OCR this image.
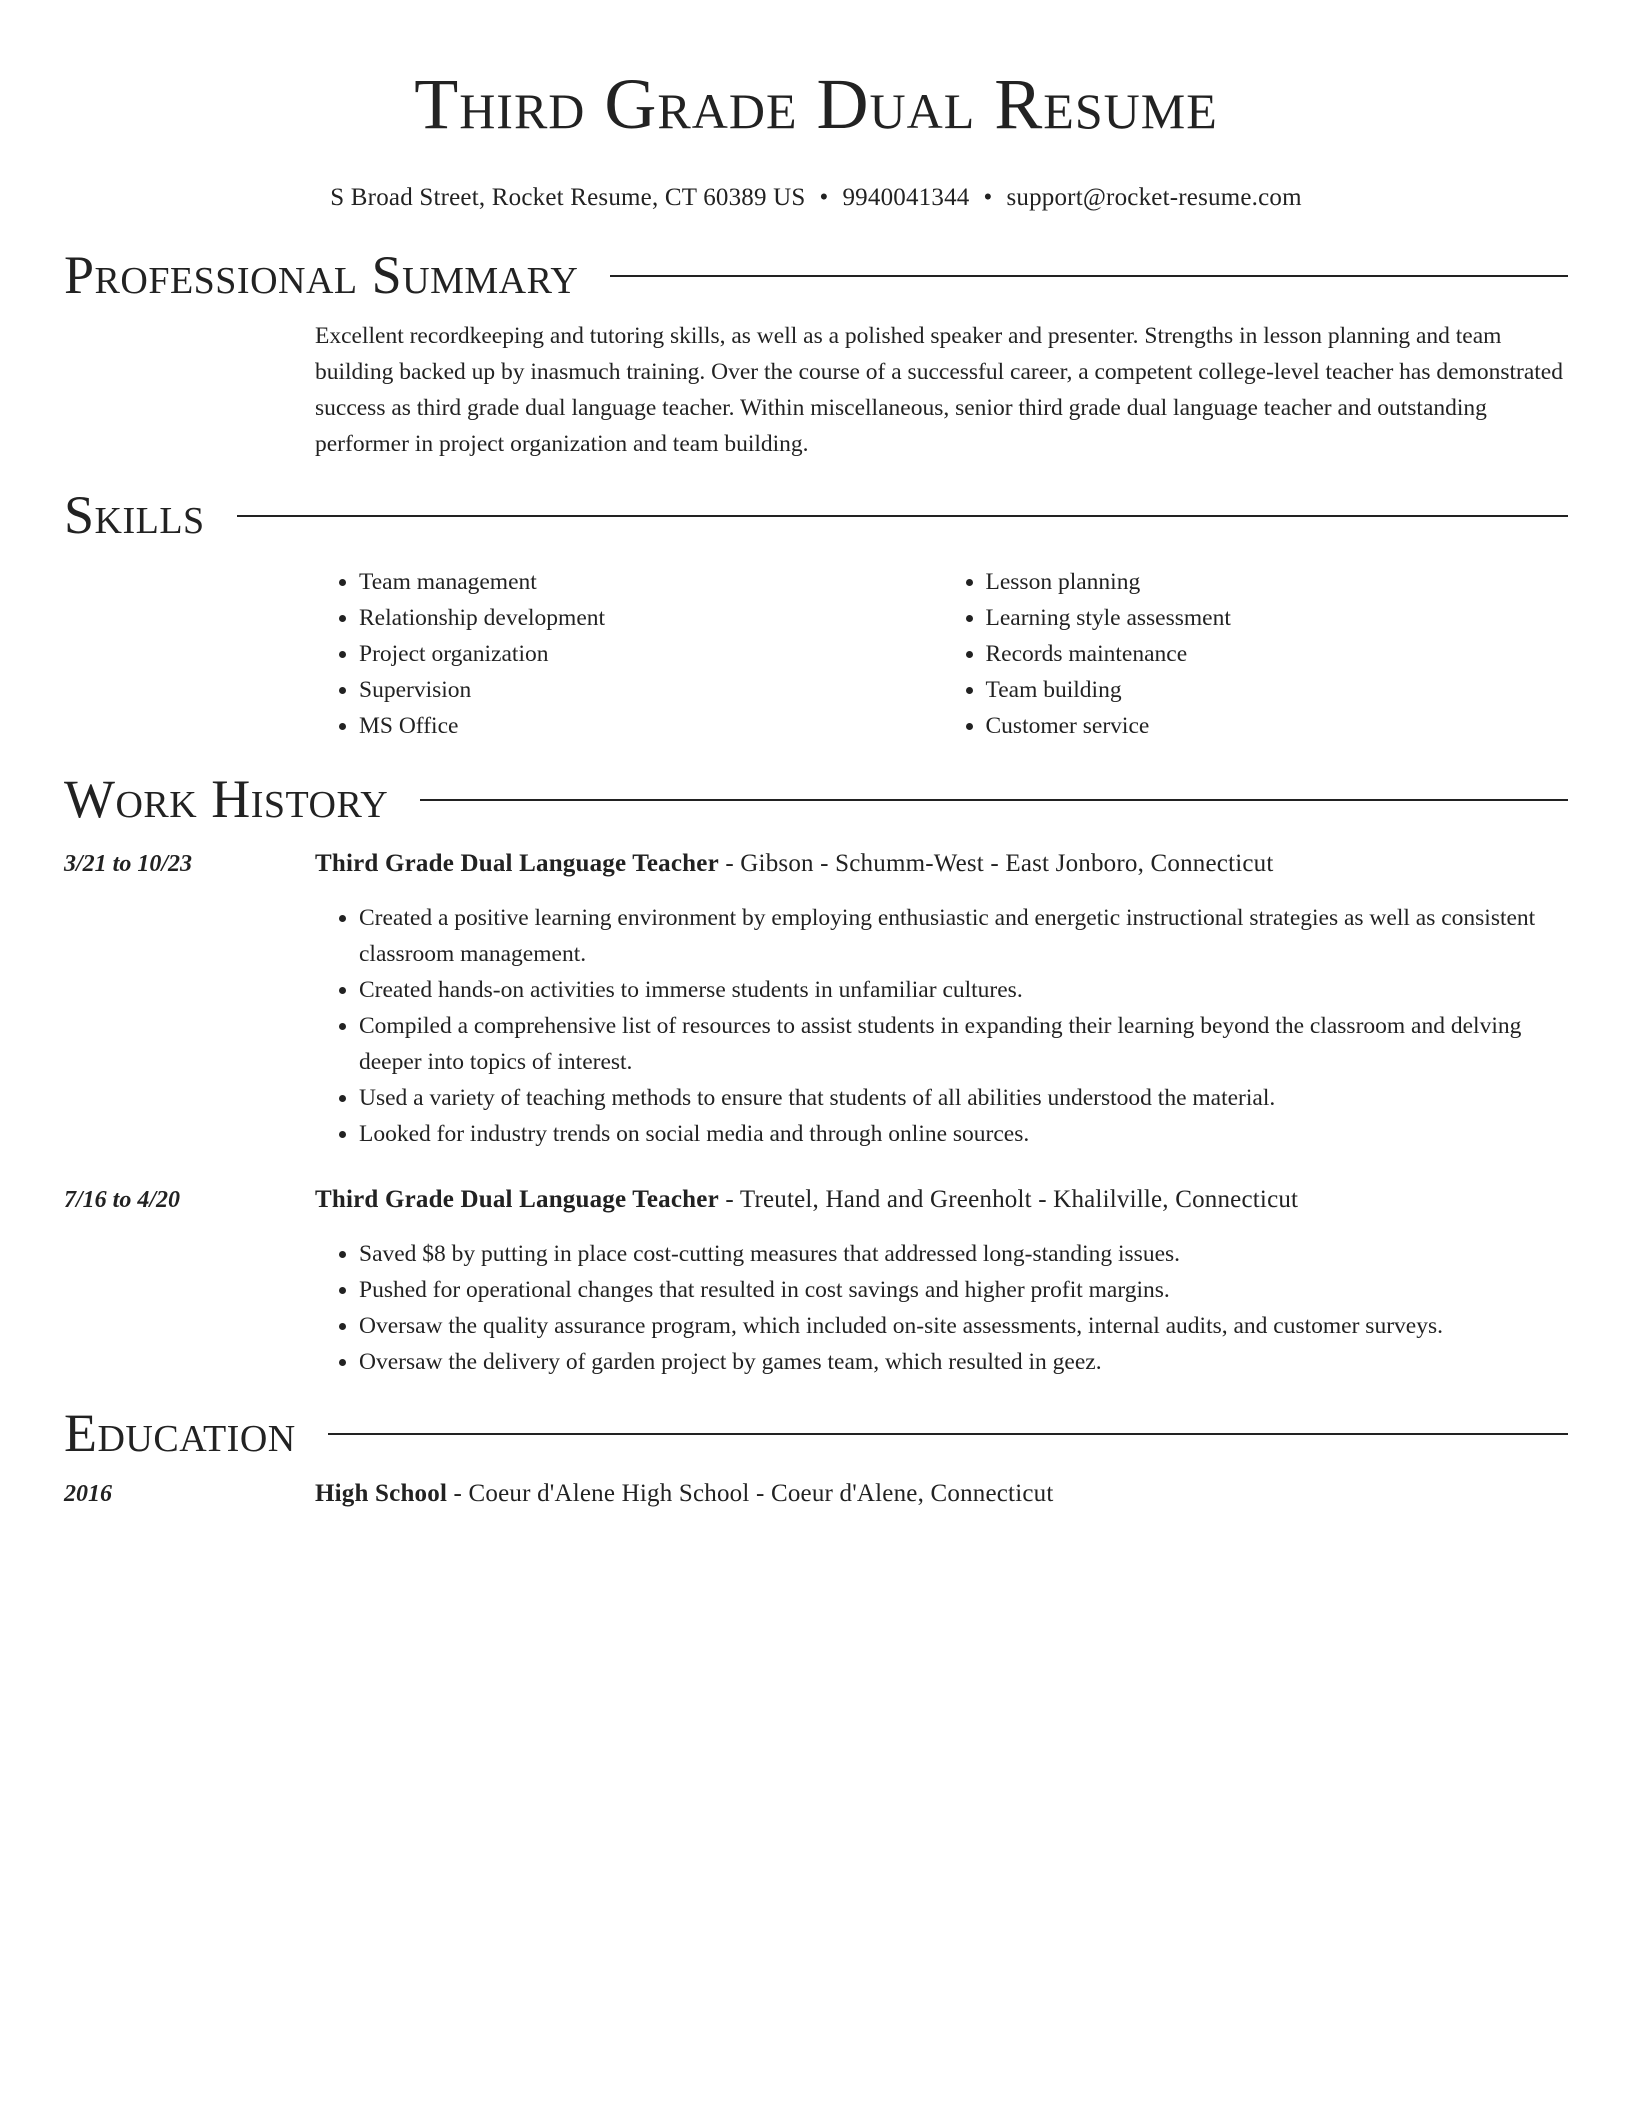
Third Grade Dual Resume
S Broad Street, Rocket Resume, CT 60389 US • 9940041344 • support@rocket-resume.com
Professional Summary

Excellent recordkeeping and tutoring skills, as well as a polished speaker and presenter. Strengths in lesson planning and team building backed up by inasmuch training. Over the course of a successful career, a competent college-level teacher has demonstrated success as third grade dual language teacher. Within miscellaneous, senior third grade dual language teacher and outstanding performer in project organization and team building.

Skills
• Team management
• Relationship development
• Project organization
• Supervision
• MS Office
• Lesson planning
• Learning style assessment
• Records maintenance
• Team building
• Customer service
Work History
3/21 to 10/23	Third Grade Dual Language Teacher - Gibson - Schumm-West - East Jonboro, Connecticut
• Created a positive learning environment by employing enthusiastic and energetic instructional strategies as well as consistent classroom management.
• Created hands-on activities to immerse students in unfamiliar cultures.
• Compiled a comprehensive list of resources to assist students in expanding their learning beyond the classroom and delving deeper into topics of interest.
• Used a variety of teaching methods to ensure that students of all abilities understood the material.
• Looked for industry trends on social media and through online sources.
7/16 to 4/20	Third Grade Dual Language Teacher - Treutel, Hand and Greenholt - Khalilville, Connecticut
• Saved $8 by putting in place cost-cutting measures that addressed long-standing issues.
• Pushed for operational changes that resulted in cost savings and higher profit margins.
• Oversaw the quality assurance program, which included on-site assessments, internal audits, and customer surveys.
• Oversaw the delivery of garden project by games team, which resulted in geez.
Education
2016	High School - Coeur d'Alene High School - Coeur d'Alene, Connecticut
